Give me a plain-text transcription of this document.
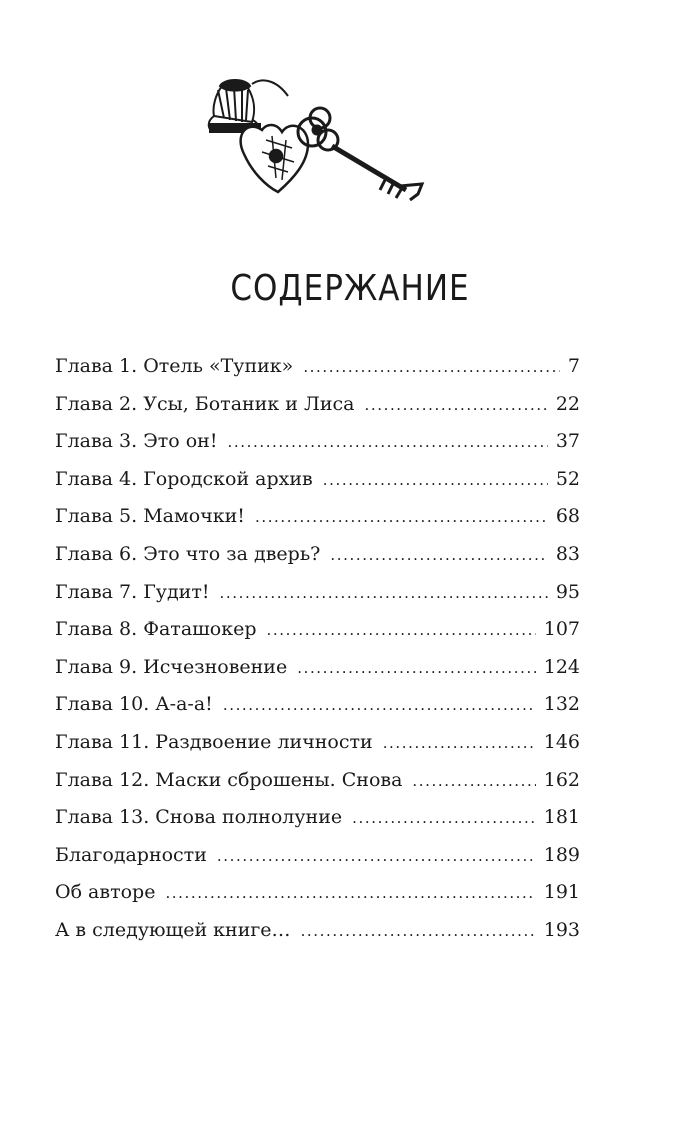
СОДЕРЖАНИЕ
Глава 1. Отель «Тупик» .....	7
Глава 2. Усы, Ботаник и Лиса .....	22
Глава 3. Это он! .....	37
Глава 4. Городской архив .....	52
Глава 5. Мамочки! .....	68
Глава 6. Это что за дверь? .....	83
Глава 7. Гудит! .....	95
Глава 8. Фаташокер .....	107
Глава 9. Исчезновение .....	124
Глава 10. А-а-а! .....	132
Глава 11. Раздвоение личности .....	146
Глава 12. Маски сброшены. Снова .....	162
Глава 13. Снова полнолуние .....	181
Благодарности .....	189
Об авторе .....	191
А в следующей книге… .....	193
